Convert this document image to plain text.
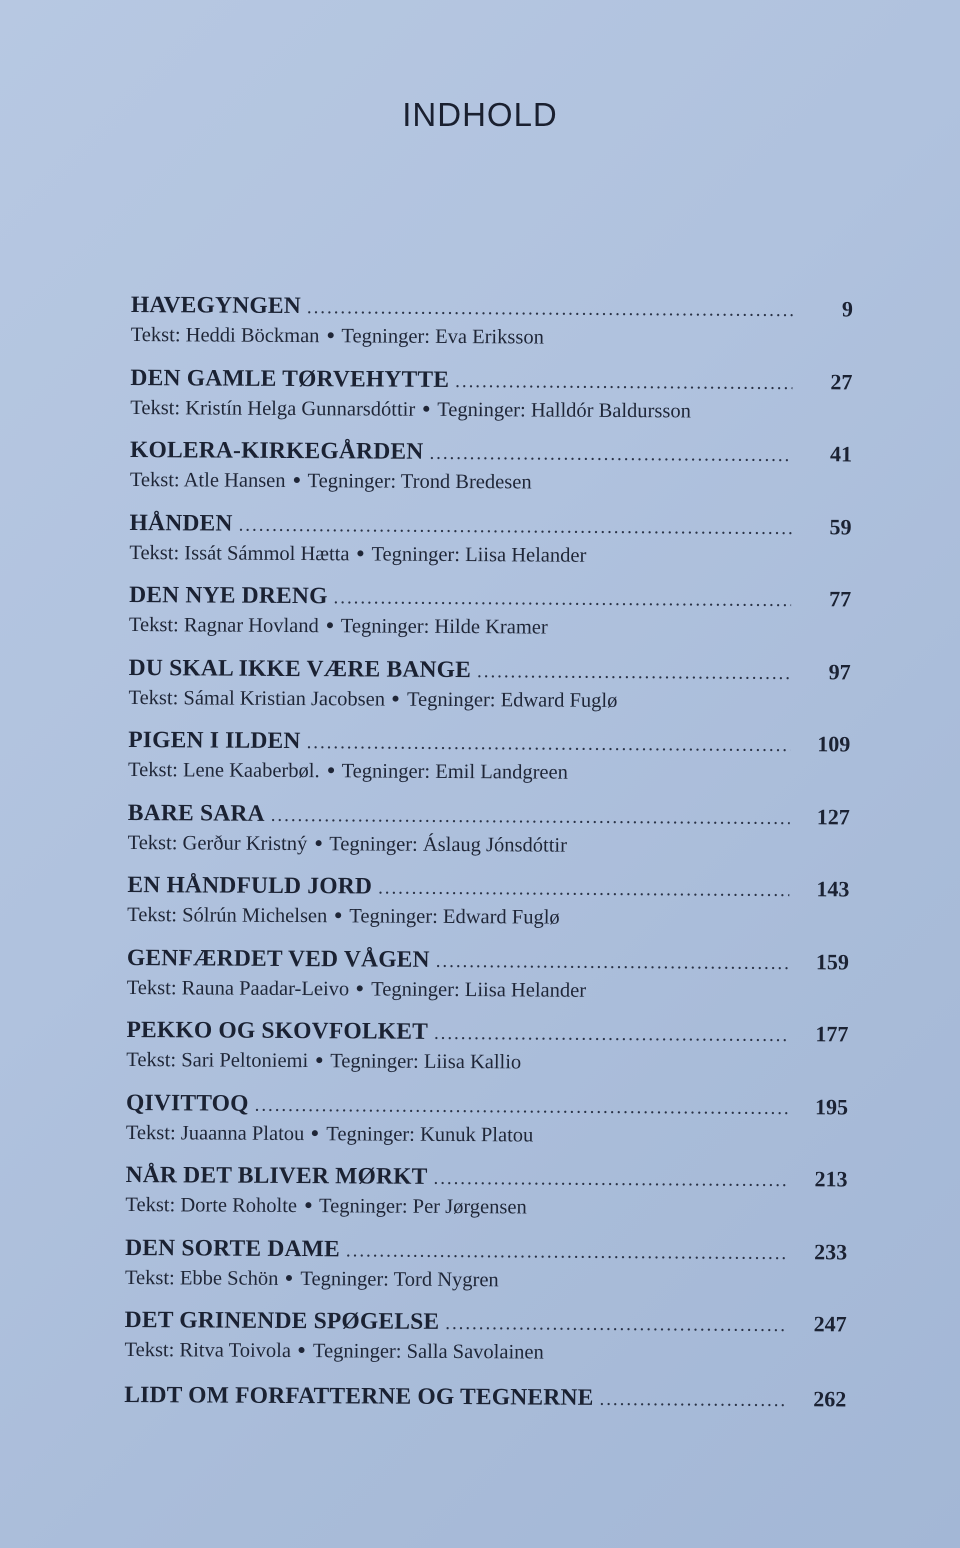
INDHOLD
HAVEGYNGEN . . .	9
Tekst: Heddi Böckman Tegninger: Eva Eriksson
DEN GAMLE TØRVEHYTTE . . .	27
Tekst: Kristín Helga Gunnarsdóttir Tegninger: Halldór Baldursson
KOLERA-KIRKEGÅRDEN . . .	41
Tekst: Atle Hansen Tegninger: Trond Bredesen
HÅNDEN . . .	59
Tekst: Issát Sámmol Hætta Tegninger: Liisa Helander
DEN NYE DRENG . . .	77
Tekst: Ragnar Hovland Tegninger: Hilde Kramer
DU SKAL IKKE VÆRE BANGE . . .	97
Tekst: Sámal Kristian Jacobsen Tegninger: Edward Fuglø
PIGEN I ILDEN . . .	109
Tekst: Lene Kaaberbøl. Tegninger: Emil Landgreen
BARE SARA . . .	127
Tekst: Gerður Kristný Tegninger: Áslaug Jónsdóttir
EN HÅNDFULD JORD . . .	143
Tekst: Sólrún Michelsen Tegninger: Edward Fuglø
GENFÆRDET VED VÅGEN . . .	159
Tekst: Rauna Paadar-Leivo Tegninger: Liisa Helander
PEKKO OG SKOVFOLKET . . .	177
Tekst: Sari Peltoniemi Tegninger: Liisa Kallio
QIVITTOQ . . .	195
Tekst: Juaanna Platou Tegninger: Kunuk Platou
NÅR DET BLIVER MØRKT . . .	213
Tekst: Dorte Roholte Tegninger: Per Jørgensen
DEN SORTE DAME . . .	233
Tekst: Ebbe Schön Tegninger: Tord Nygren
DET GRINENDE SPØGELSE . . .	247
Tekst: Ritva Toivola Tegninger: Salla Savolainen
LIDT OM FORFATTERNE OG TEGNERNE . . .	262
